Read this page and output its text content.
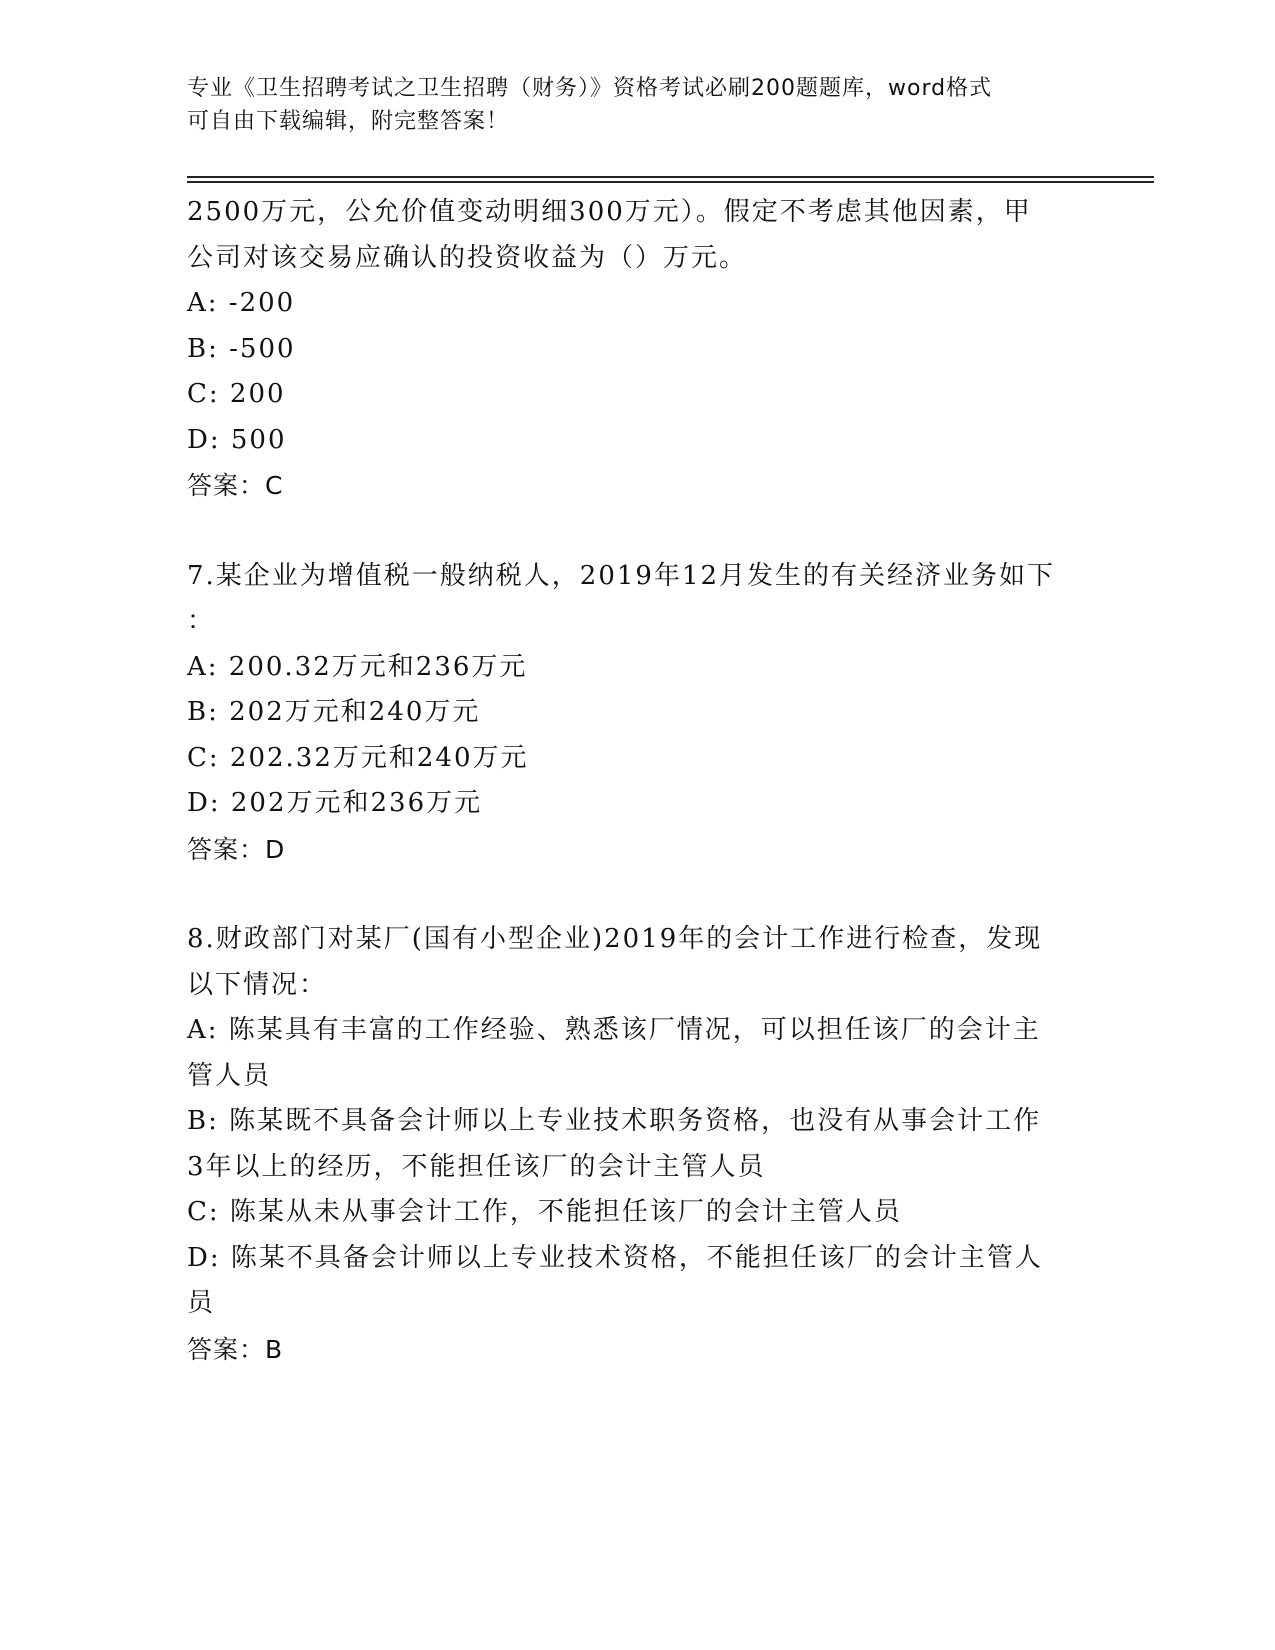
专业《卫生招聘考试之卫生招聘（财务）》资格考试必刷200题题库，word格式
可自由下载编辑，附完整答案！
2500万元，公允价值变动明细300万元）。假定不考虑其他因素，甲
公司对该交易应确认的投资收益为（）万元。
A: -200
B: -500
C: 200
D: 500
答案：C
7.某企业为增值税一般纳税人，2019年12月发生的有关经济业务如下
：
A: 200.32万元和236万元
B: 202万元和240万元
C: 202.32万元和240万元
D: 202万元和236万元
答案：D
8.财政部门对某厂(国有小型企业)2019年的会计工作进行检查，发现
以下情况：
A: 陈某具有丰富的工作经验、熟悉该厂情况，可以担任该厂的会计主
管人员
B: 陈某既不具备会计师以上专业技术职务资格，也没有从事会计工作
3年以上的经历，不能担任该厂的会计主管人员
C: 陈某从未从事会计工作，不能担任该厂的会计主管人员
D: 陈某不具备会计师以上专业技术资格，不能担任该厂的会计主管人
员
答案：B
